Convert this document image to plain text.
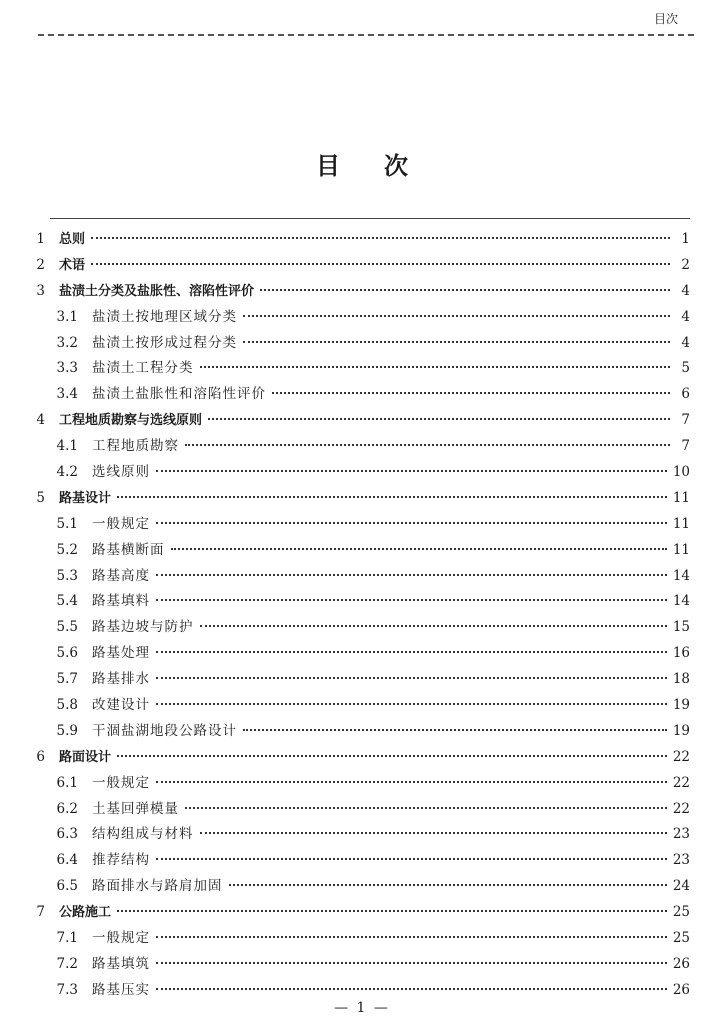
目次
目次
1	总则	1
2	术语	2
3	盐渍土分类及盐胀性、溶陷性评价	4
3.1	盐渍土按地理区域分类	4
3.2	盐渍土按形成过程分类	4
3.3	盐渍土工程分类	5
3.4	盐渍土盐胀性和溶陷性评价	6
4	工程地质勘察与选线原则	7
4.1	工程地质勘察	7
4.2	选线原则	10
5	路基设计	11
5.1	一般规定	11
5.2	路基横断面	11
5.3	路基高度	14
5.4	路基填料	14
5.5	路基边坡与防护	15
5.6	路基处理	16
5.7	路基排水	18
5.8	改建设计	19
5.9	干涸盐湖地段公路设计	19
6	路面设计	22
6.1	一般规定	22
6.2	土基回弹模量	22
6.3	结构组成与材料	23
6.4	推荐结构	23
6.5	路面排水与路肩加固	24
7	公路施工	25
7.1	一般规定	25
7.2	路基填筑	26
7.3	路基压实	26
— 1 —
